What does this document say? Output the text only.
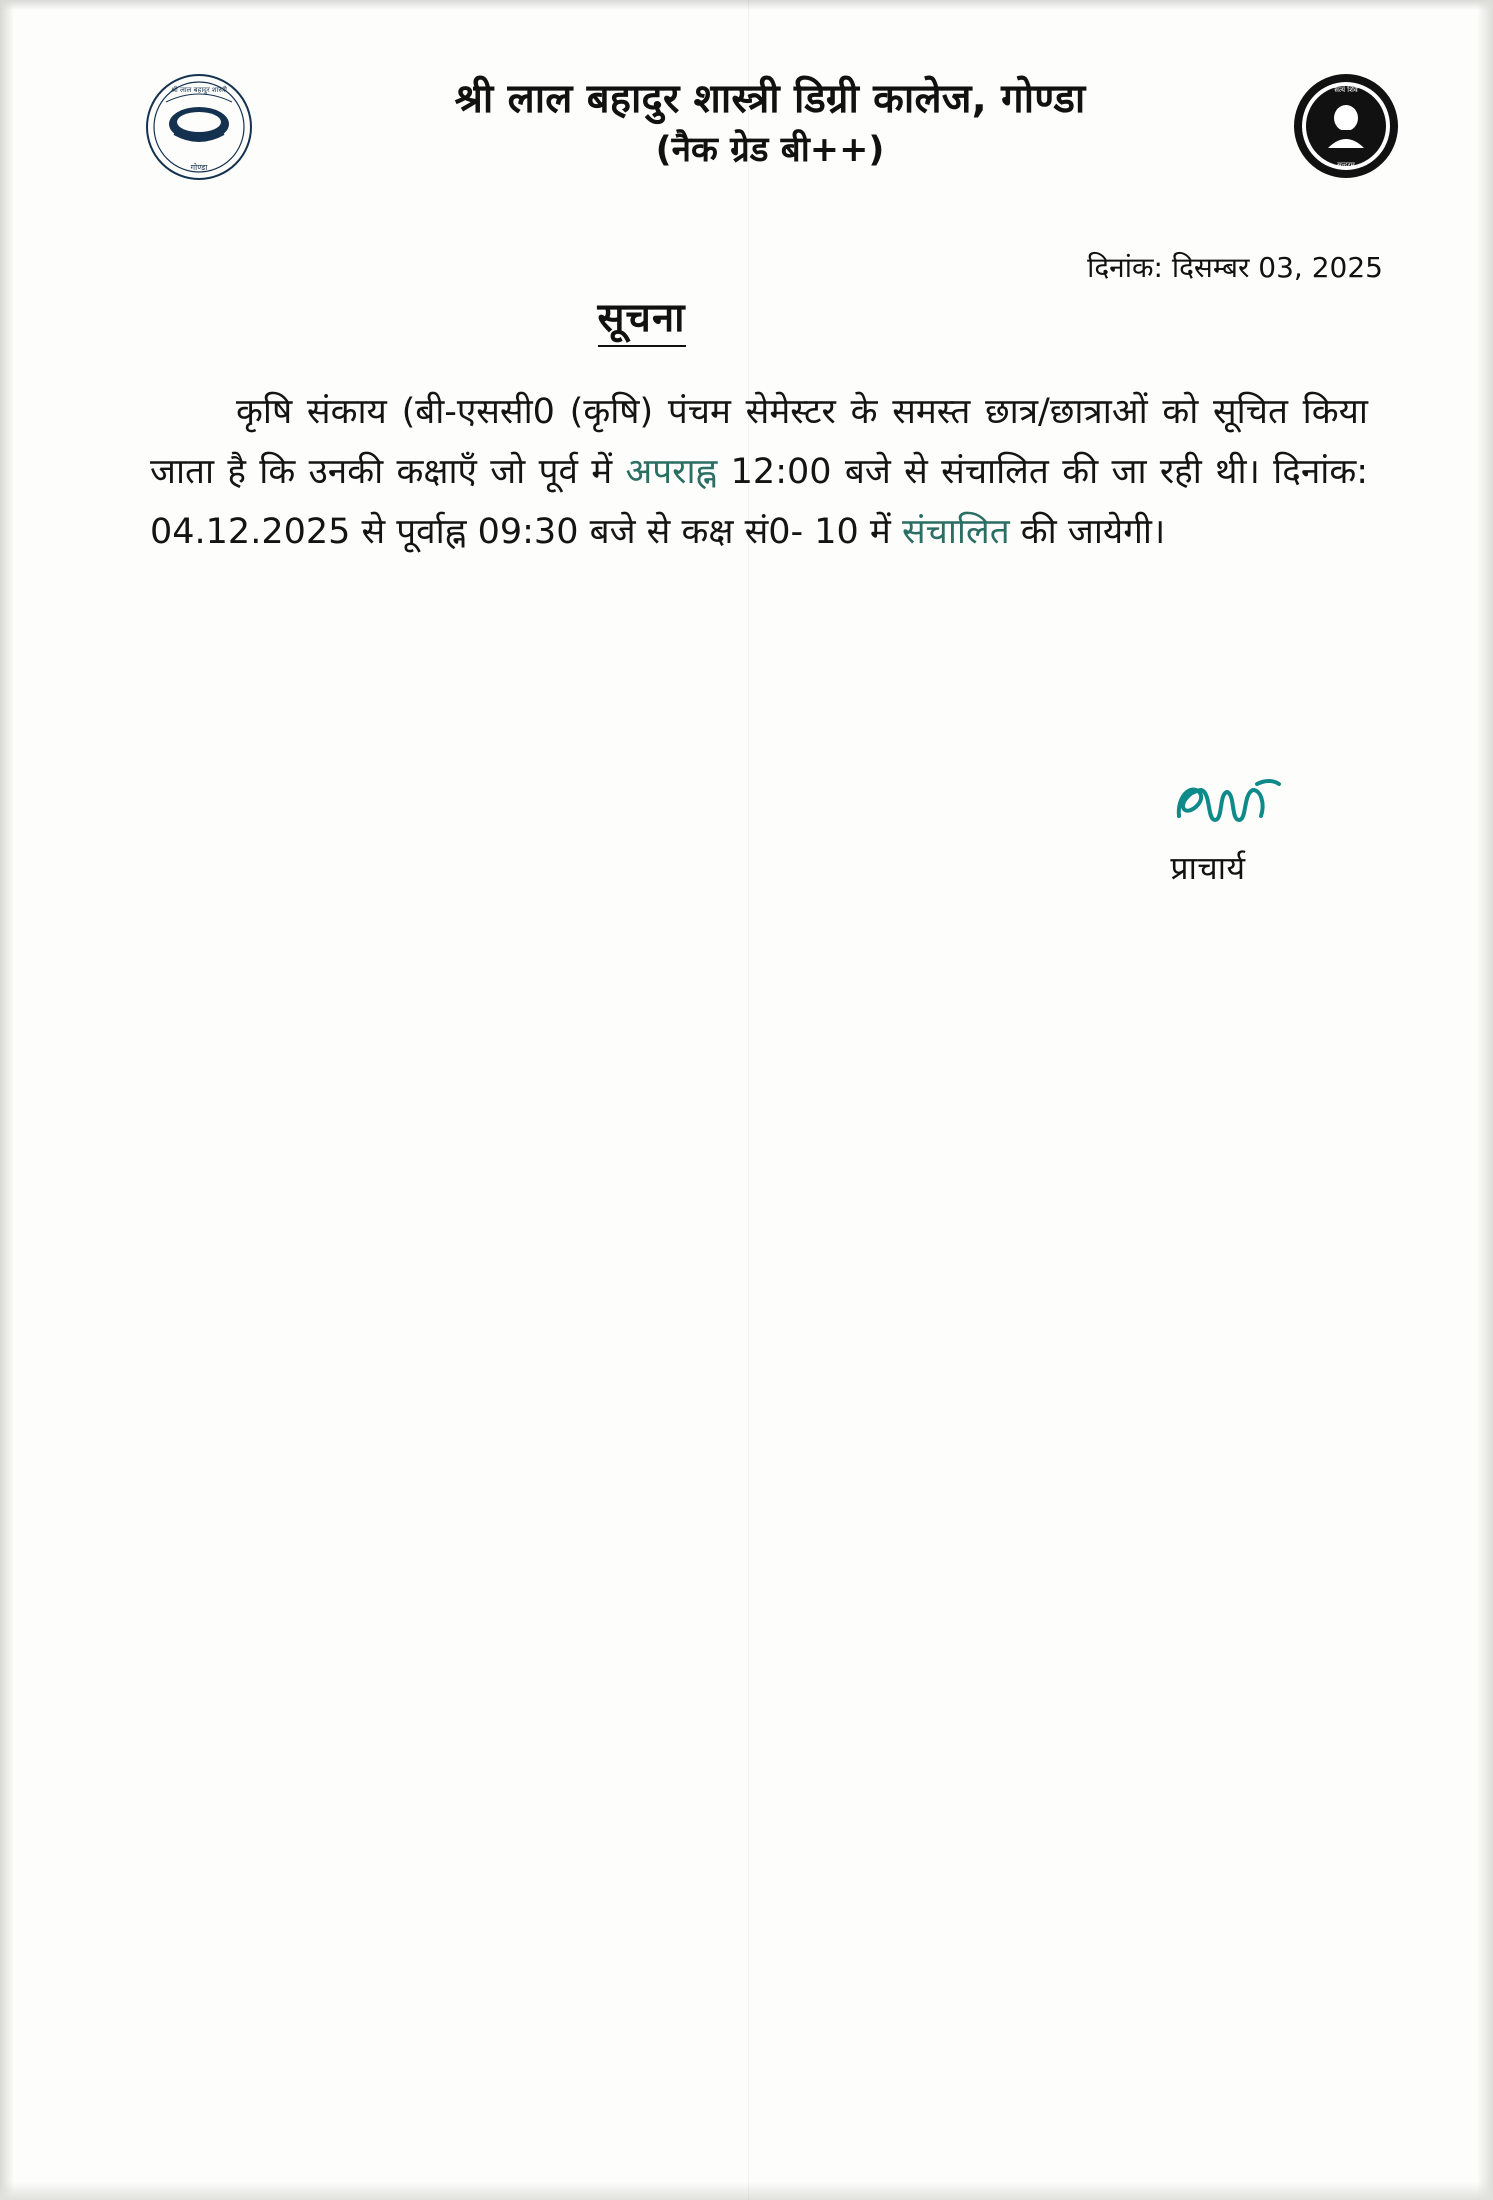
श्री लाल बहादुर शास्त्री
गोण्डा
श्री लाल बहादुर शास्त्री डिग्री कालेज, गोण्डा
(नैक ग्रेड बी++)
सत्यं शिवं
सुन्दरम्
दिनांक: दिसम्बर 03, 2025
सूचना
कृषि संकाय (बी-एससी0 (कृषि) पंचम सेमेस्टर के समस्त छात्र/छात्राओं को सूचित किया जाता है कि उनकी कक्षाएँ जो पूर्व में अपराह्न 12:00 बजे से संचालित की जा रही थी। दिनांक: 04.12.2025 से पूर्वाह्न 09:30 बजे से कक्ष सं0- 10 में संचालित की जायेगी।
प्राचार्य
